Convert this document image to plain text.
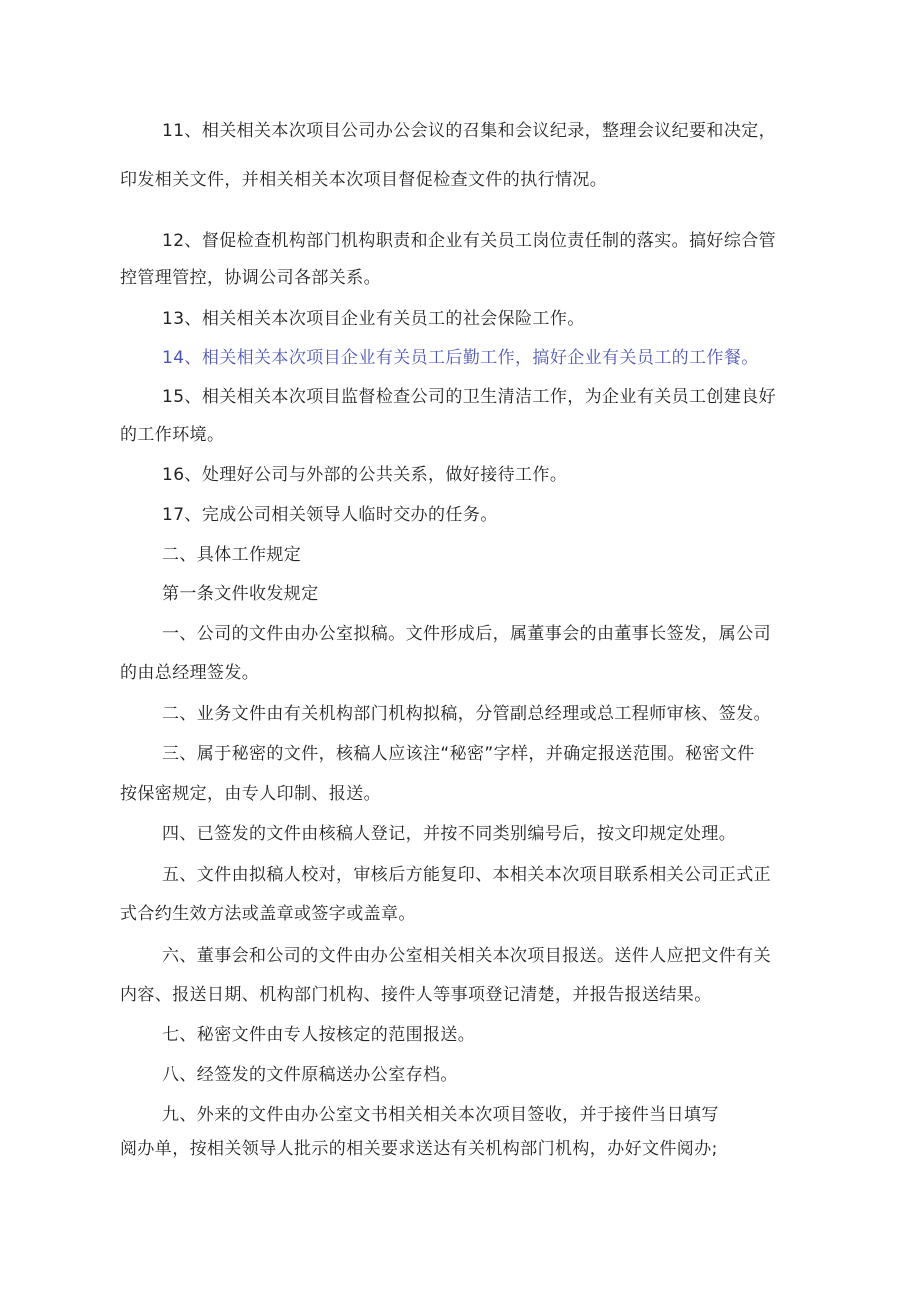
11、相关相关本次项目公司办公会议的召集和会议纪录，整理会议纪要和决定，
印发相关文件，并相关相关本次项目督促检查文件的执行情况。
12、督促检查机构部门机构职责和企业有关员工岗位责任制的落实。搞好综合管
控管理管控，协调公司各部关系。
13、相关相关本次项目企业有关员工的社会保险工作。
14、相关相关本次项目企业有关员工后勤工作，搞好企业有关员工的工作餐。
15、相关相关本次项目监督检查公司的卫生清洁工作，为企业有关员工创建良好
的工作环境。
16、处理好公司与外部的公共关系，做好接待工作。
17、完成公司相关领导人临时交办的任务。
二、具体工作规定
第一条文件收发规定
一、公司的文件由办公室拟稿。文件形成后，属董事会的由董事长签发，属公司
的由总经理签发。
二、业务文件由有关机构部门机构拟稿，分管副总经理或总工程师审核、签发。
三、属于秘密的文件，核稿人应该注“秘密”字样，并确定报送范围。秘密文件
按保密规定，由专人印制、报送。
四、已签发的文件由核稿人登记，并按不同类别编号后，按文印规定处理。
五、文件由拟稿人校对，审核后方能复印、本相关本次项目联系相关公司正式正
式合约生效方法或盖章或签字或盖章。
六、董事会和公司的文件由办公室相关相关本次项目报送。送件人应把文件有关
内容、报送日期、机构部门机构、接件人等事项登记清楚，并报告报送结果。
七、秘密文件由专人按核定的范围报送。
八、经签发的文件原稿送办公室存档。
九、外来的文件由办公室文书相关相关本次项目签收，并于接件当日填写
阅办单，按相关领导人批示的相关要求送达有关机构部门机构，办好文件阅办;
